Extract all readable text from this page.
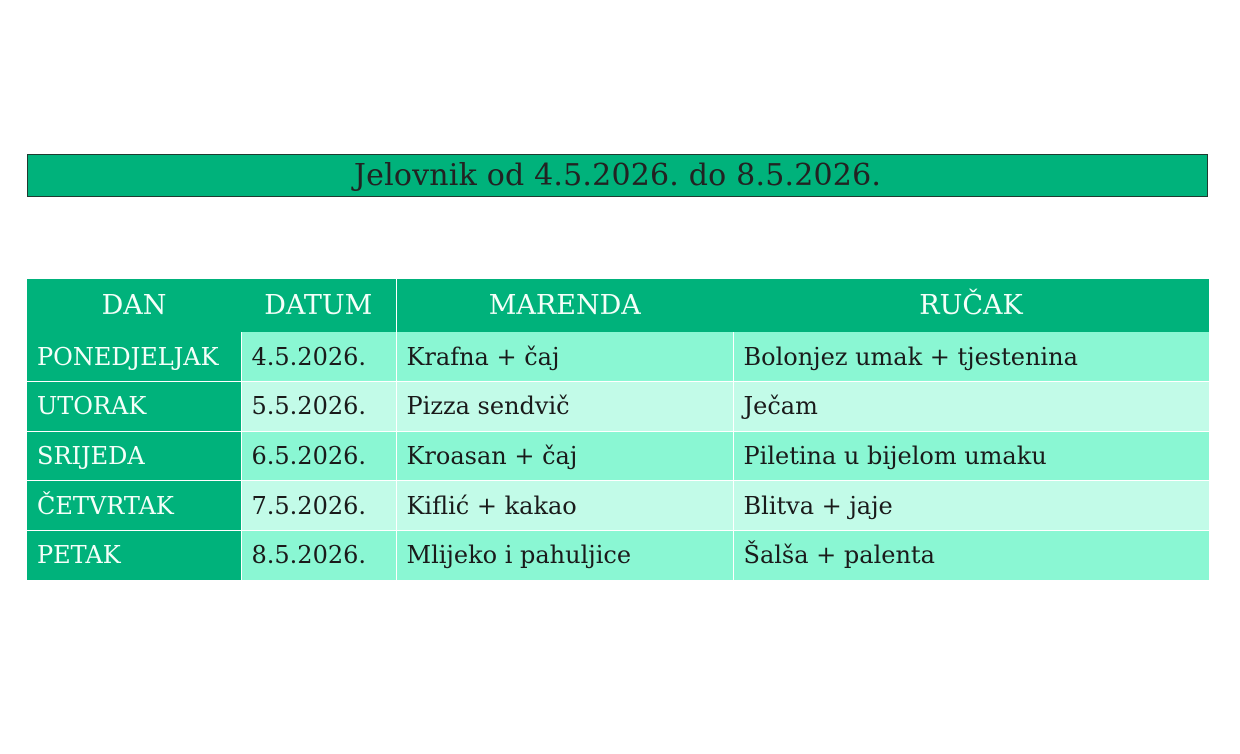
Jelovnik od 4.5.2026. do 8.5.2026.
DAN	DATUM	MARENDA	RUČAK
PONEDJELJAK	4.5.2026.	Krafna + čaj	Bolonjez umak + tjestenina
UTORAK	5.5.2026.	Pizza sendvič	Ječam
SRIJEDA	6.5.2026.	Kroasan + čaj	Piletina u bijelom umaku
ČETVRTAK	7.5.2026.	Kiflić + kakao	Blitva + jaje
PETAK	8.5.2026.	Mlijeko i pahuljice	Šalša + palenta
